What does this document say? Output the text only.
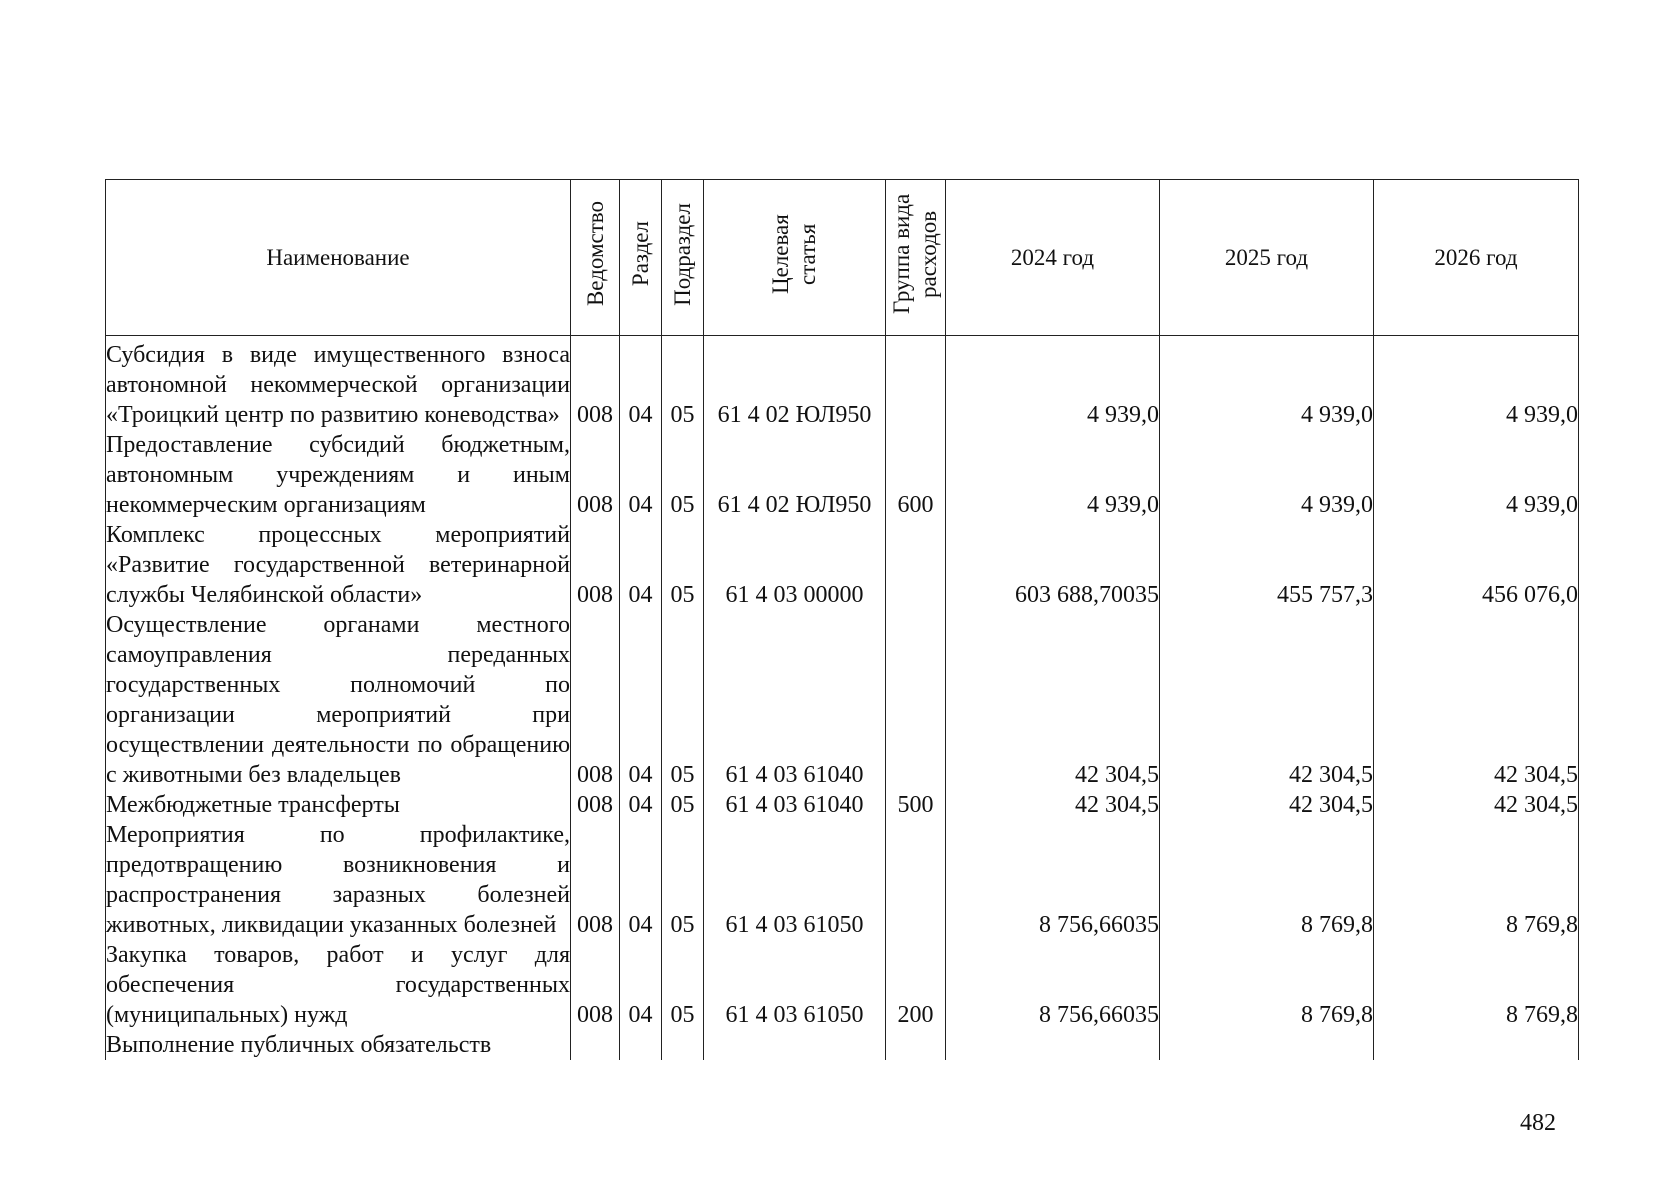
Наименование	Ведомство	Раздел	Подраздел	Целевая статья	Группа вида расходов	2024 год	2025 год	2026 год
Субсидия в виде имущественного взноса автономной некоммерческой организации «Троицкий центр по развитию коневодства»	008	04	05	61 4 02 ЮЛ950		4 939,0	4 939,0	4 939,0
Предоставление субсидий бюджетным, автономным учреждениям и иным некоммерческим организациям	008	04	05	61 4 02 ЮЛ950	600	4 939,0	4 939,0	4 939,0
Комплекс процессных мероприятий «Развитие государственной ветеринарной службы Челябинской области»	008	04	05	61 4 03 00000		603 688,70035	455 757,3	456 076,0
Осуществление органами местного самоуправления переданных государственных полномочий по организации мероприятий при осуществлении деятельности по обращению с животными без владельцев	008	04	05	61 4 03 61040		42 304,5	42 304,5	42 304,5
Межбюджетные трансферты	008	04	05	61 4 03 61040	500	42 304,5	42 304,5	42 304,5
Мероприятия по профилактике, предотвращению возникновения и распространения заразных болезней животных, ликвидации указанных болезней	008	04	05	61 4 03 61050		8 756,66035	8 769,8	8 769,8
Закупка товаров, работ и услуг для обеспечения государственных (муниципальных) нужд	008	04	05	61 4 03 61050	200	8 756,66035	8 769,8	8 769,8
Выполнение публичных обязательств								
482
